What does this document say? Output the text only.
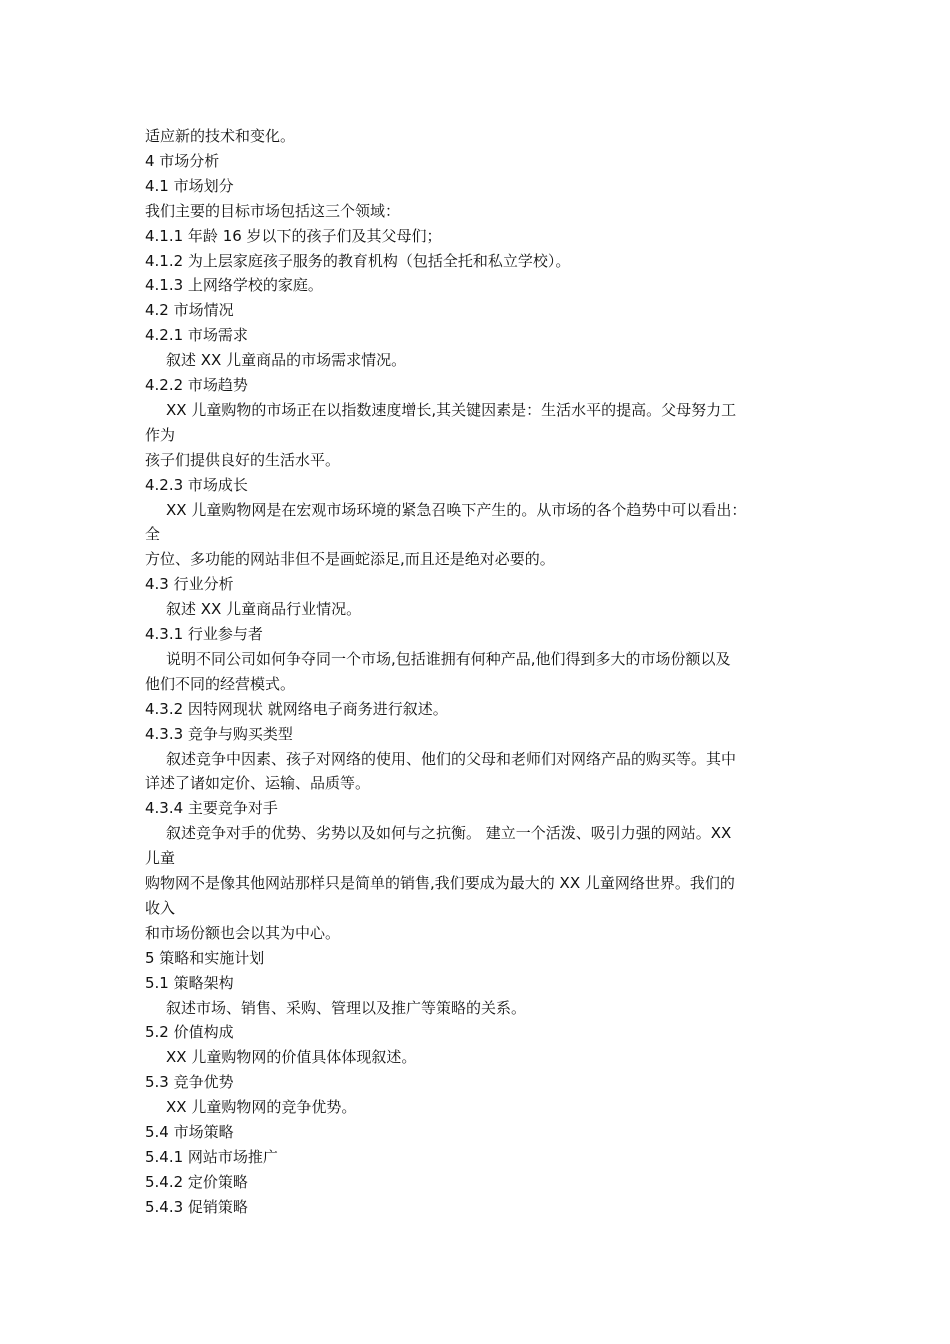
适应新的技术和变化。
4 市场分析
4.1 市场划分
我们主要的目标市场包括这三个领域：
4.1.1 年龄 16 岁以下的孩子们及其父母们；
4.1.2 为上层家庭孩子服务的教育机构（包括全托和私立学校）。
4.1.3 上网络学校的家庭。
4.2 市场情况
4.2.1 市场需求
叙述 XX 儿童商品的市场需求情况。
4.2.2 市场趋势
XX 儿童购物的市场正在以指数速度增长,其关键因素是：生活水平的提高。父母努力工
作为
孩子们提供良好的生活水平。
4.2.3 市场成长
XX 儿童购物网是在宏观市场环境的紧急召唤下产生的。从市场的各个趋势中可以看出：
全
方位、多功能的网站非但不是画蛇添足,而且还是绝对必要的。
4.3 行业分析
叙述 XX 儿童商品行业情况。
4.3.1 行业参与者
说明不同公司如何争夺同一个市场,包括谁拥有何种产品,他们得到多大的市场份额以及
他们不同的经营模式。
4.3.2 因特网现状 就网络电子商务进行叙述。
4.3.3 竞争与购买类型
叙述竞争中因素、孩子对网络的使用、他们的父母和老师们对网络产品的购买等。其中
详述了诸如定价、运输、品质等。
4.3.4 主要竞争对手
叙述竞争对手的优势、劣势以及如何与之抗衡。 建立一个活泼、吸引力强的网站。XX
儿童
购物网不是像其他网站那样只是简单的销售,我们要成为最大的 XX 儿童网络世界。我们的
收入
和市场份额也会以其为中心。
5 策略和实施计划
5.1 策略架构
叙述市场、销售、采购、管理以及推广等策略的关系。
5.2 价值构成
XX 儿童购物网的价值具体体现叙述。
5.3 竞争优势
XX 儿童购物网的竞争优势。
5.4 市场策略
5.4.1 网站市场推广
5.4.2 定价策略
5.4.3 促销策略
